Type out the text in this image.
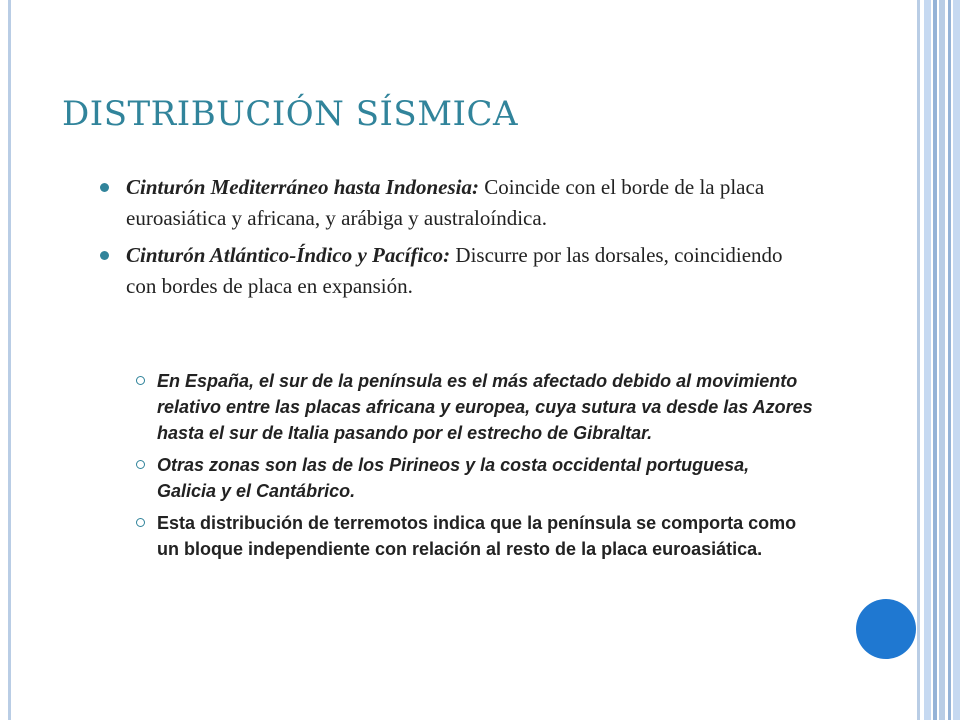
DISTRIBUCIÓN SÍSMICA
Cinturón Mediterráneo hasta Indonesia: Coincide con el borde de la placa euroasiática y africana, y arábiga y australoíndica.
Cinturón Atlántico-Índico y Pacífico: Discurre por las dorsales, coincidiendo con bordes de placa en expansión.
En España, el sur de la península es el más afectado debido al movimiento relativo entre las placas africana y europea, cuya sutura va desde las Azores hasta el sur de Italia pasando por el estrecho de Gibraltar.
Otras zonas son las de los Pirineos y la costa occidental portuguesa, Galicia y el Cantábrico.
Esta distribución de terremotos indica que la península se comporta como un bloque independiente con relación al resto de la placa euroasiática.
